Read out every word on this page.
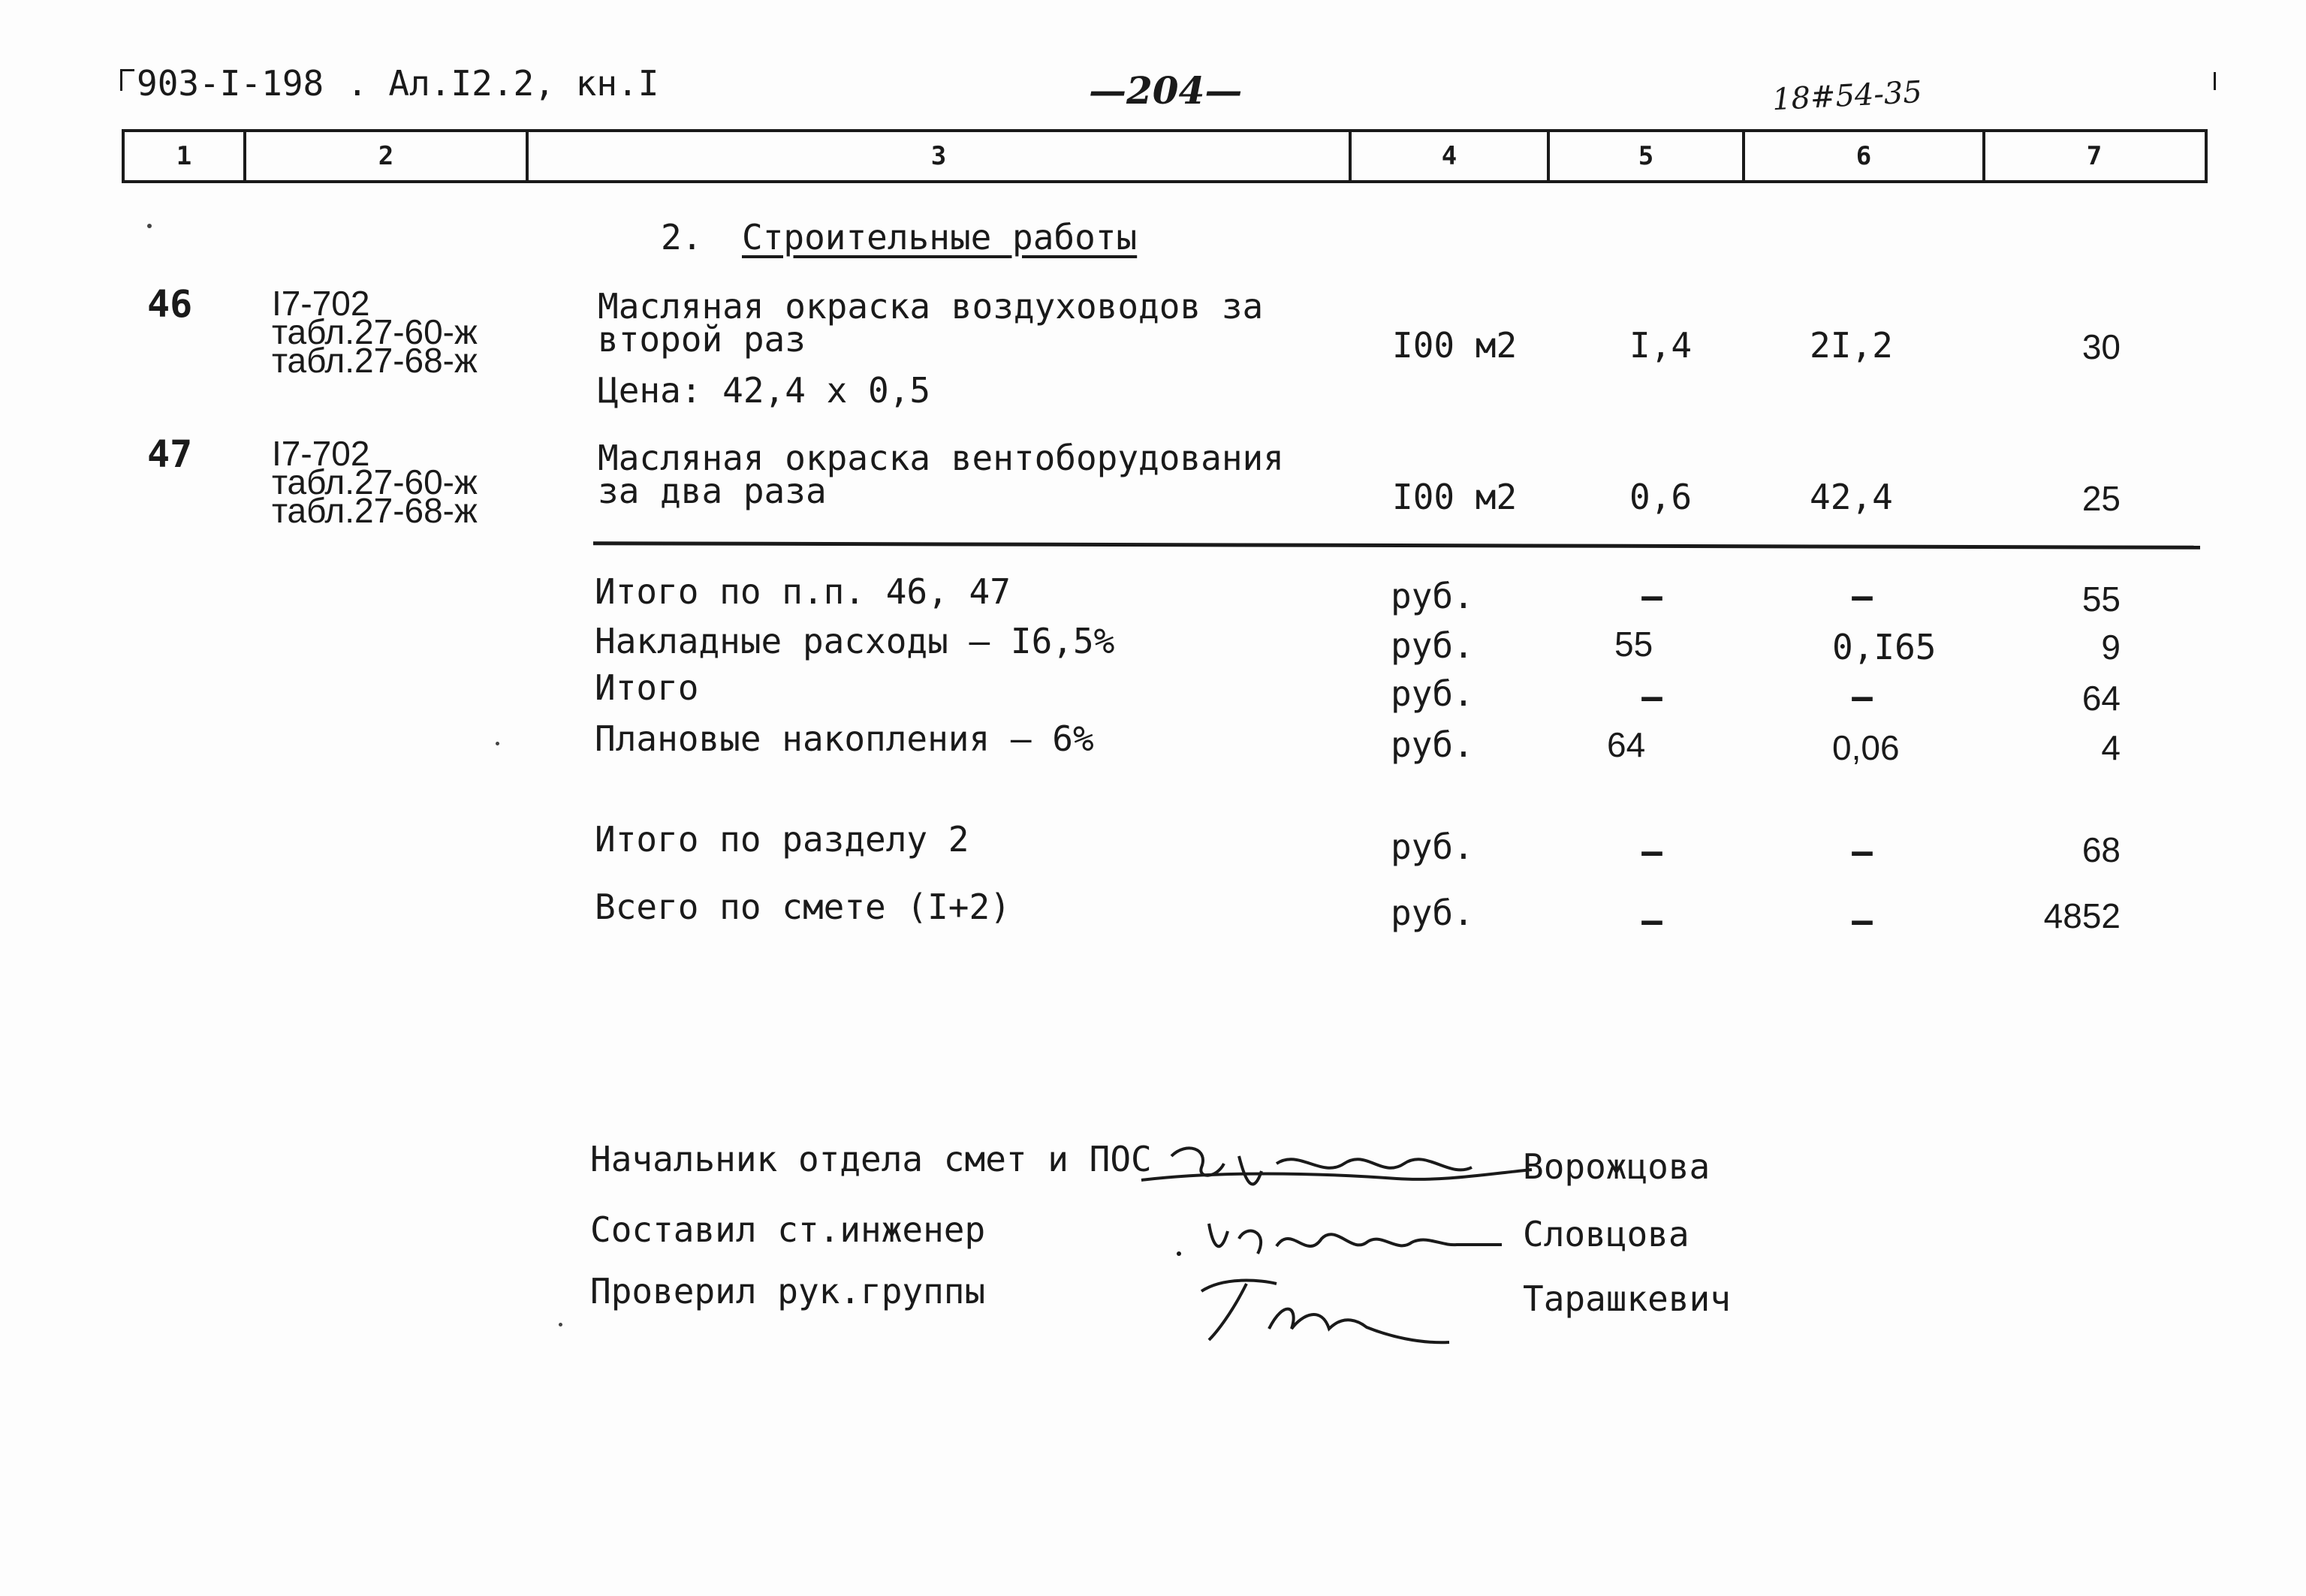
903-I-198 . Ал.I2.2, кн.I	—204—	18#54-35
1	2	3	4	5	6	7
2. Строительные работы
46 I7-702
табл.27-60-ж
табл.27-68-ж
Масляная окраска воздуховодов за
второй раз
Цена: 42,4 х 0,5
I00 м2	I,4	2I,2	30
47 I7-702
табл.27-60-ж
табл.27-68-ж
Масляная окраска вентоборудования
за два раза	I00 м2	0,6	42,4	25
Итого по п.п. 46, 47	руб.	–	–	55
Накладные расходы – I6,5%	руб.	55	0,I65	9
Итого	руб.	–	–	64
Плановые накопления – 6%	руб.	64	0,06	4
Итого по разделу 2	руб.	–	–	68
Всего по смете (I+2)	руб.	–	–	4852
Начальник отдела смет и ПОС	Ворожцова
Составил ст.инженер	Словцова
Проверил рук.группы	Тарашкевич
